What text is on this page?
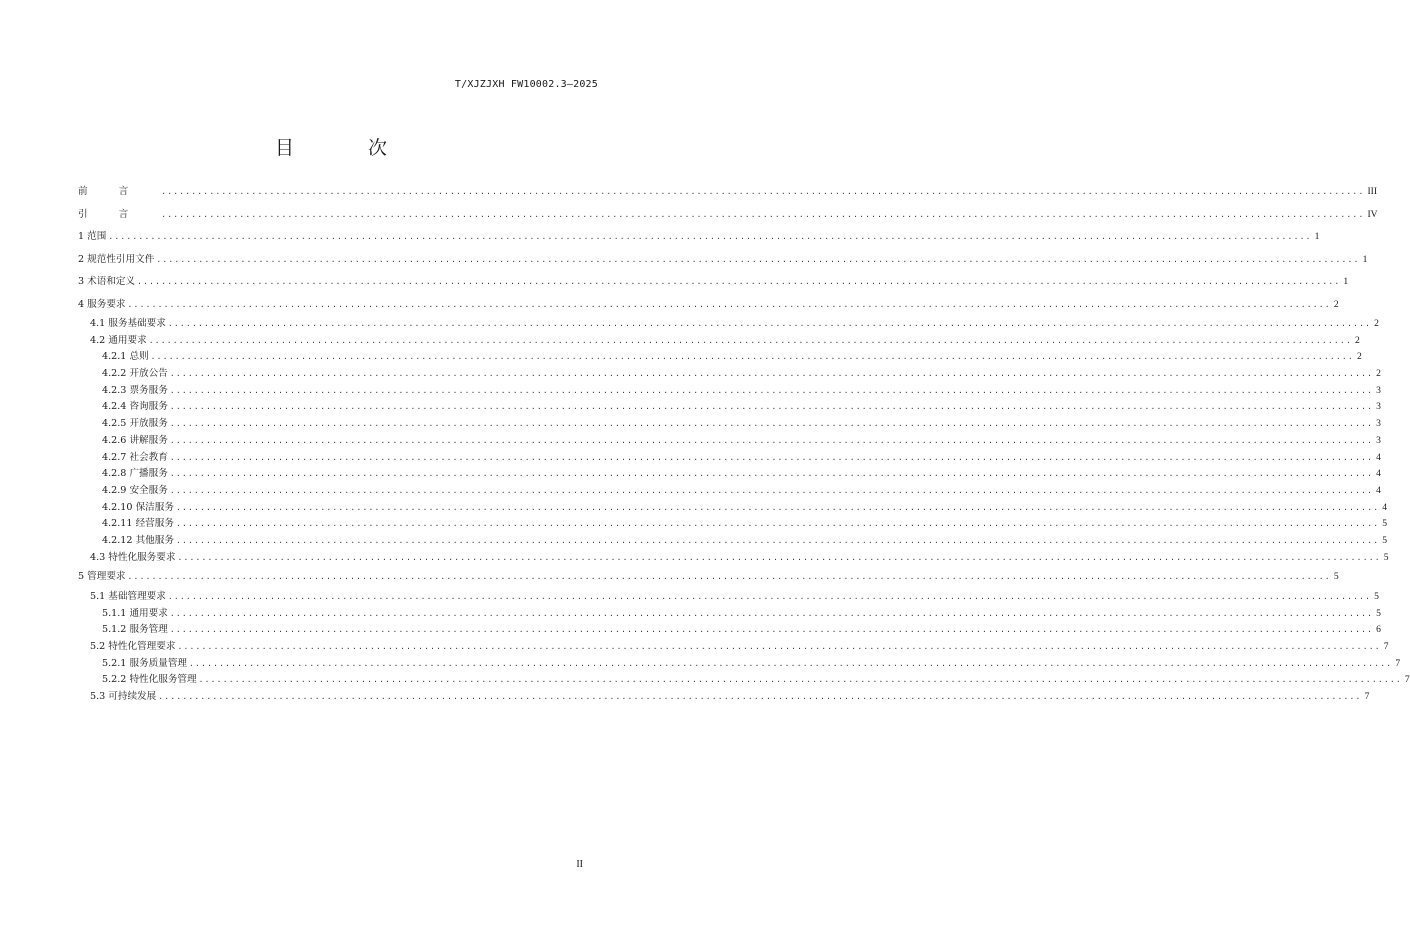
T/XJZJXH FW10002.3—2025
目 次
前言 ........................................................................................................................................................................................................ III
引言 ........................................................................................................................................................................................................ IV
1 范围 ........................................................................................................................................................................................................ 1
2 规范性引用文件 ........................................................................................................................................................................................................ 1
3 术语和定义 ........................................................................................................................................................................................................ 1
4 服务要求 ........................................................................................................................................................................................................ 2
4.1 服务基础要求 ........................................................................................................................................................................................................ 2
4.2 通用要求 ........................................................................................................................................................................................................ 2
4.2.1 总则 ........................................................................................................................................................................................................ 2
4.2.2 开放公告 ........................................................................................................................................................................................................ 2
4.2.3 票务服务 ........................................................................................................................................................................................................ 3
4.2.4 咨询服务 ........................................................................................................................................................................................................ 3
4.2.5 开放服务 ........................................................................................................................................................................................................ 3
4.2.6 讲解服务 ........................................................................................................................................................................................................ 3
4.2.7 社会教育 ........................................................................................................................................................................................................ 4
4.2.8 广播服务 ........................................................................................................................................................................................................ 4
4.2.9 安全服务 ........................................................................................................................................................................................................ 4
4.2.10 保洁服务 ........................................................................................................................................................................................................ 4
4.2.11 经营服务 ........................................................................................................................................................................................................ 5
4.2.12 其他服务 ........................................................................................................................................................................................................ 5
4.3 特性化服务要求 ........................................................................................................................................................................................................ 5
5 管理要求 ........................................................................................................................................................................................................ 5
5.1 基础管理要求 ........................................................................................................................................................................................................ 5
5.1.1 通用要求 ........................................................................................................................................................................................................ 5
5.1.2 服务管理 ........................................................................................................................................................................................................ 6
5.2 特性化管理要求 ........................................................................................................................................................................................................ 7
5.2.1 服务质量管理 ........................................................................................................................................................................................................ 7
5.2.2 特性化服务管理 ........................................................................................................................................................................................................ 7
5.3 可持续发展 ........................................................................................................................................................................................................ 7
II
